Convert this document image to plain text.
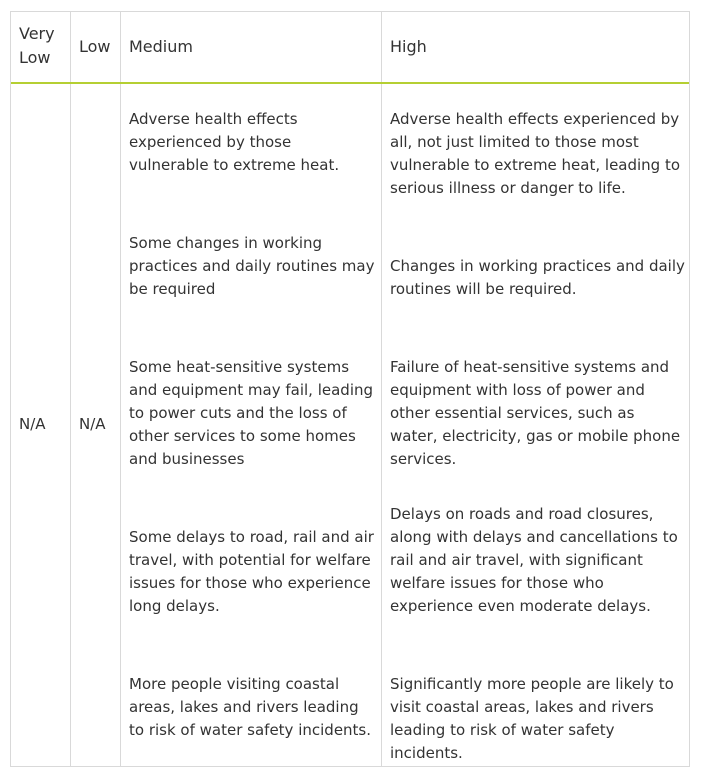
Very Low
Low Medium	High
N/A N/A
Adverse health effects experienced by those vulnerable to extreme heat.
Some changes in working practices and daily routines may be required
Some heat-sensitive systems and equipment may fail, leading to power cuts and the loss of other services to some homes and businesses
Some delays to road, rail and air travel, with potential for welfare issues for those who experience long delays.
More people visiting coastal areas, lakes and rivers leading to risk of water safety incidents.
Adverse health effects experienced by all, not just limited to those most vulnerable to extreme heat, leading to serious illness or danger to life.
Changes in working practices and daily routines will be required.
Failure of heat-sensitive systems and equipment with loss of power and other essential services, such as water, electricity, gas or mobile phone services.
Delays on roads and road closures, along with delays and cancellations to rail and air travel, with significant welfare issues for those who experience even moderate delays.
Significantly more people are likely to visit coastal areas, lakes and rivers leading to risk of water safety incidents.
